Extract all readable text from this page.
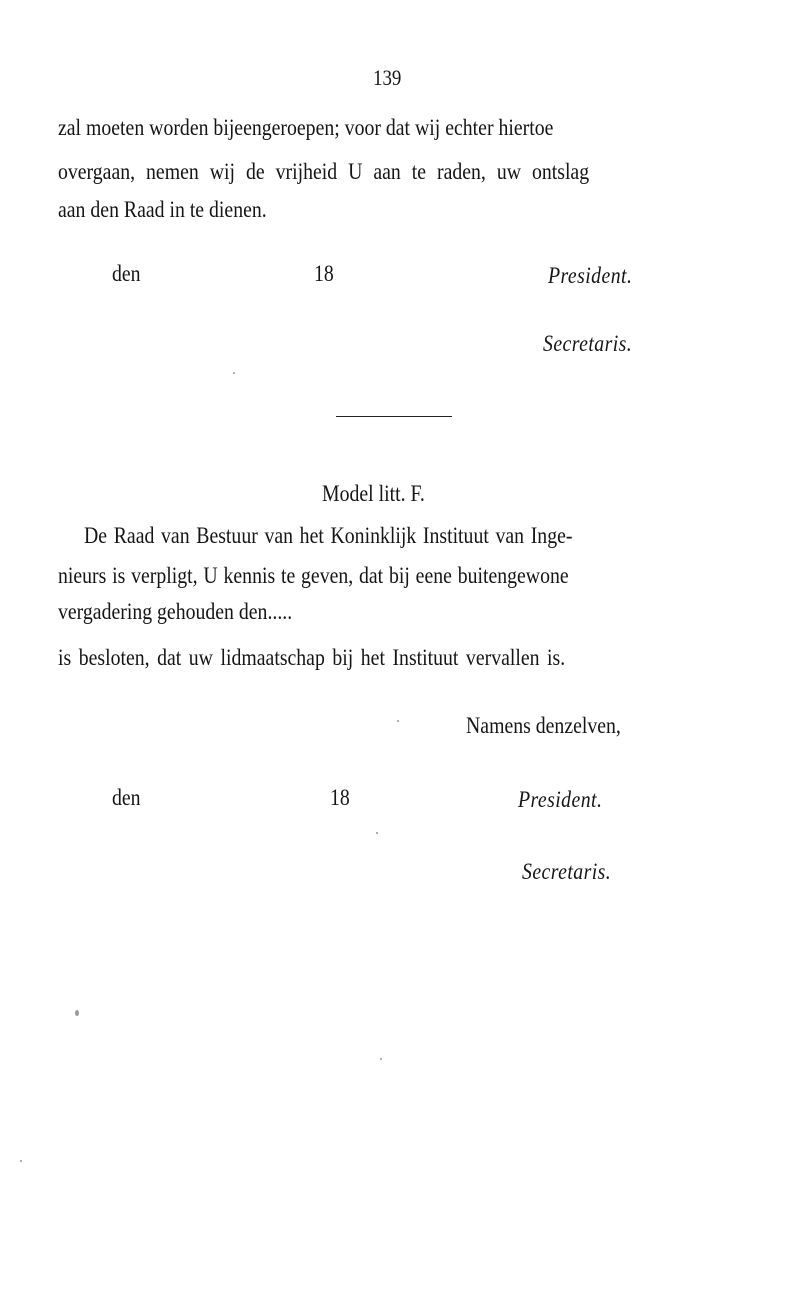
139
zal moeten worden bijeengeroepen; voor dat wij echter hiertoe
overgaan, nemen wij de vrijheid U aan te raden, uw ontslag
aan den Raad in te dienen.
den	18	President.
Secretaris.
Model litt. F.
De Raad van Bestuur van het Koninklijk Instituut van Inge-
nieurs is verpligt, U kennis te geven, dat bij eene buitengewone
vergadering gehouden den.....
is besloten, dat uw lidmaatschap bij het Instituut vervallen is.
Namens denzelven,
den	18	President.
Secretaris.
